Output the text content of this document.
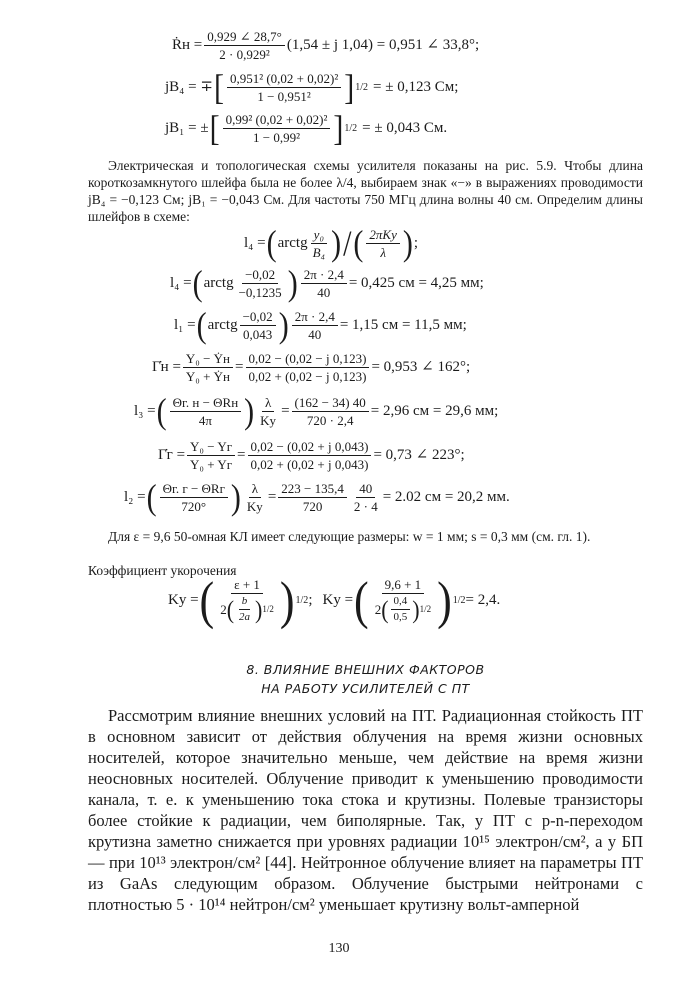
Ṙн = $\frac{0,929 \angle 28,7^\circ}{\text{2 · 0,929²}} (1,54 \pm j$ 1,04) = 0,951 ∠ 33,8°;
jB₄ = ∓ [ 0,951² (0,02 + 0,02)²
1 − 0,951² ] 1/2 = ± 0,123 См;
jB₁ = ± [ 0,99² (0,02 + 0,02)²
1 − 0,99² ] 1/2 = ± 0,043 См.

Электрическая и топологическая схемы усилителя показаны на рис. 5.9. Чтобы длина короткозамкнутого шлейфа была не более λ/4, выбираем знак «−» в выражениях проводимости jB₄ = −0,123 См; jB₁ = −0,043 См. Для частоты 750 МГц длина волны 40 см. Определим длины шлейфов в схеме:

l₄ = ( arctg
y₀
B₄ ) / ( 2πKу
λ ) ;
l₄ = ( arctg
−0,02
−0,1235 ) $\frac{2\pi \cdot 2,4}{40} = 0,425$ см = 4,25 мм;
l₁ = ( arctg
−0,02
0,043 ) $\frac{2\pi \cdot 2,4}{40} = 1,15$ см = 11,5 мм;
Γ̇н =
Y₀ − Ẏн
Y₀ + Ẏн
= $\frac{0,02 - (0,02 - j 0,123)}{0,02 + (0,02 - j 0,123)} = 0,953$ ∠ 162°;
l₃ = ( Θг. н − ΘRн
4π ) λ
Kу
= $\frac{(162 - 34) 40}{720 \cdot 2,4} = 2,96$ см = 29,6 мм;
Γ̇г =
Y₀ − Yг
Y₀ + Yг
= $\frac{0,02 - (0,02 + j 0,043)}{0,02 + (0,02 + j 0,043)} = 0,73$ ∠ 223°;
l₂ = ( Θг. г − ΘRг
720° ) λ
Kу
= $\frac{223 - 135,4}{720} \frac{40}{2 \cdot 4} = 2.02$ см = 20,2 мм.

Для ε = 9,6 50-омная КЛ имеет следующие размеры: w = 1 мм; s = 0,3 мм (см. гл. 1).

Коэффициент укорочения

Kу = ( ε + 1
2 ( b
2a ) 1/2 ) 1/2 ; Kу = ( 9,6 + 1
2 ( 0,4
0,5 ) 1/2 ) 1/2 = 2,4.
8. ВЛИЯНИЕ ВНЕШНИХ ФАКТОРОВ
НА РАБОТУ УСИЛИТЕЛЕЙ С ПТ

Рассмотрим влияние внешних условий на ПТ. Радиационная стойкость ПТ в основном зависит от действия облучения на время жизни основных носителей, которое значительно меньше, чем действие на время жизни неосновных носителей. Облучение приводит к уменьшению проводимости канала, т. е. к уменьшению тока стока и крутизны. Полевые транзисторы более стойкие к радиации, чем биполярные. Так, у ПТ с p-n-переходом крутизна заметно снижается при уровнях радиации 10¹⁵ электрон/см², а у БП — при 10¹³ электрон/см² [44]. Нейтронное облучение влияет на параметры ПТ из GaAs следующим образом. Облучение быстрыми нейтронами с плотностью 5 · 10¹⁴ нейтрон/см² уменьшает крутизну вольт-амперной

130
